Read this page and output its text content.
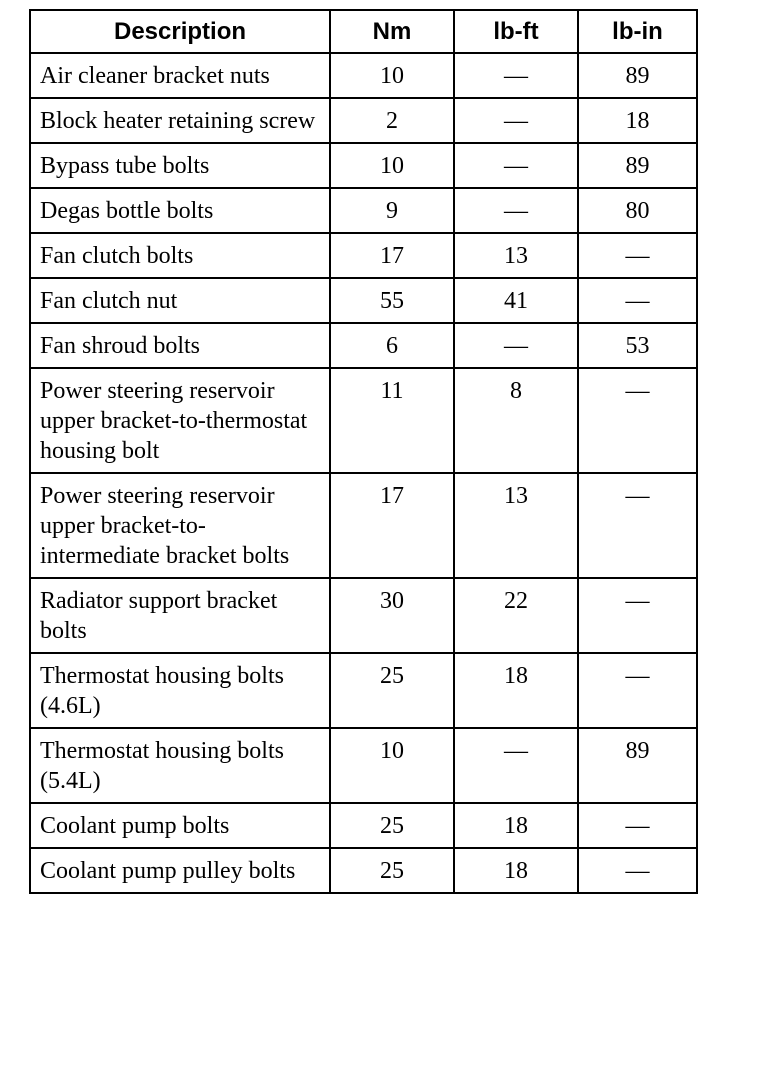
Description	Nm	lb-ft	lb-in
Air cleaner bracket nuts	10	—	89
Block heater retaining screw	2	—	18
Bypass tube bolts	10	—	89
Degas bottle bolts	9	—	80
Fan clutch bolts	17	13	—
Fan clutch nut	55	41	—
Fan shroud bolts	6	—	53
Power steering reservoir upper bracket-to-thermostat housing bolt	11	8	—
Power steering reservoir upper bracket-to-intermediate bracket bolts	17	13	—
Radiator support bracket bolts	30	22	—
Thermostat housing bolts (4.6L)	25	18	—
Thermostat housing bolts (5.4L)	10	—	89
Coolant pump bolts	25	18	—
Coolant pump pulley bolts	25	18	—
